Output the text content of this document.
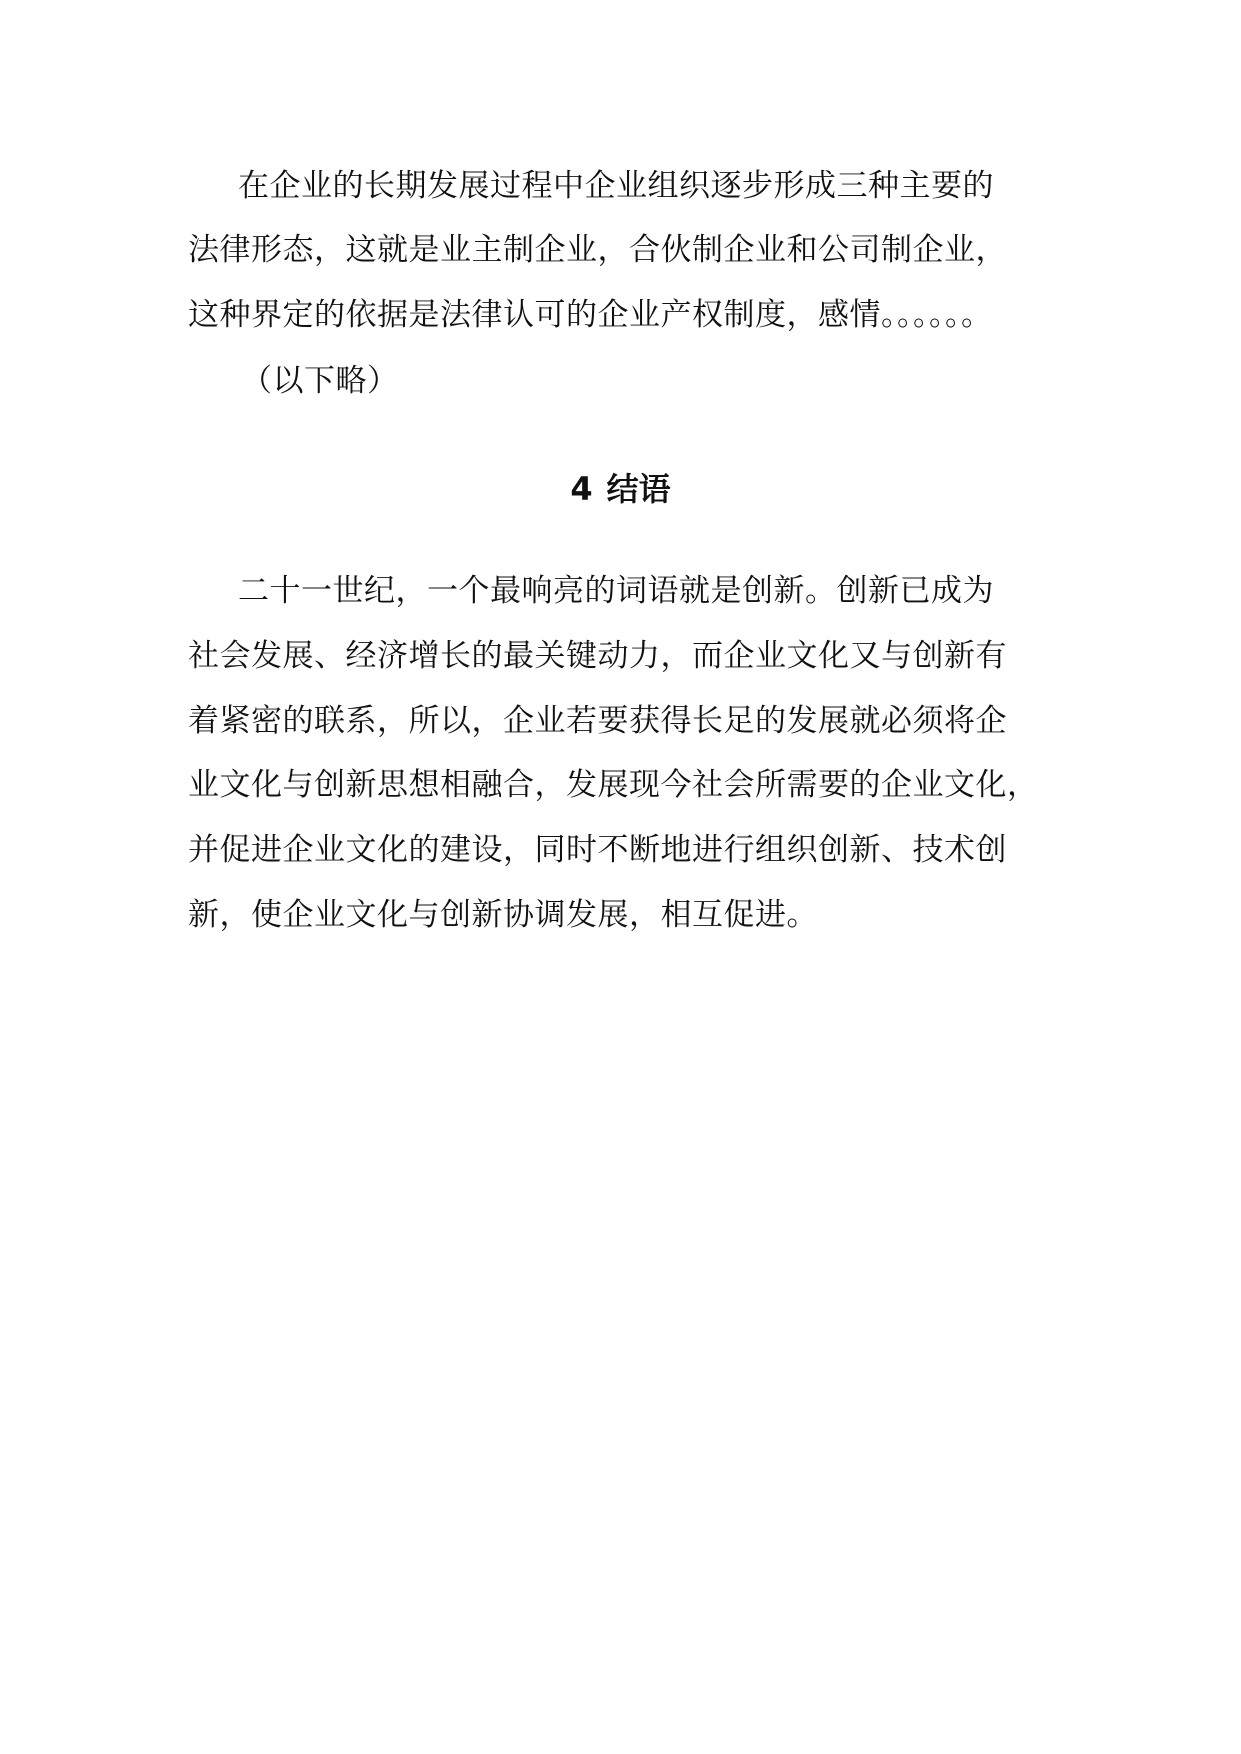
在企业的长期发展过程中企业组织逐步形成三种主要的
法律形态，这就是业主制企业，合伙制企业和公司制企业，
这种界定的依据是法律认可的企业产权制度，感情。。。。。。
（以下略）
4 结语
二十一世纪，一个最响亮的词语就是创新。创新已成为
社会发展、经济增长的最关键动力，而企业文化又与创新有
着紧密的联系，所以，企业若要获得长足的发展就必须将企
业文化与创新思想相融合，发展现今社会所需要的企业文化，
并促进企业文化的建设，同时不断地进行组织创新、技术创
新，使企业文化与创新协调发展，相互促进。
